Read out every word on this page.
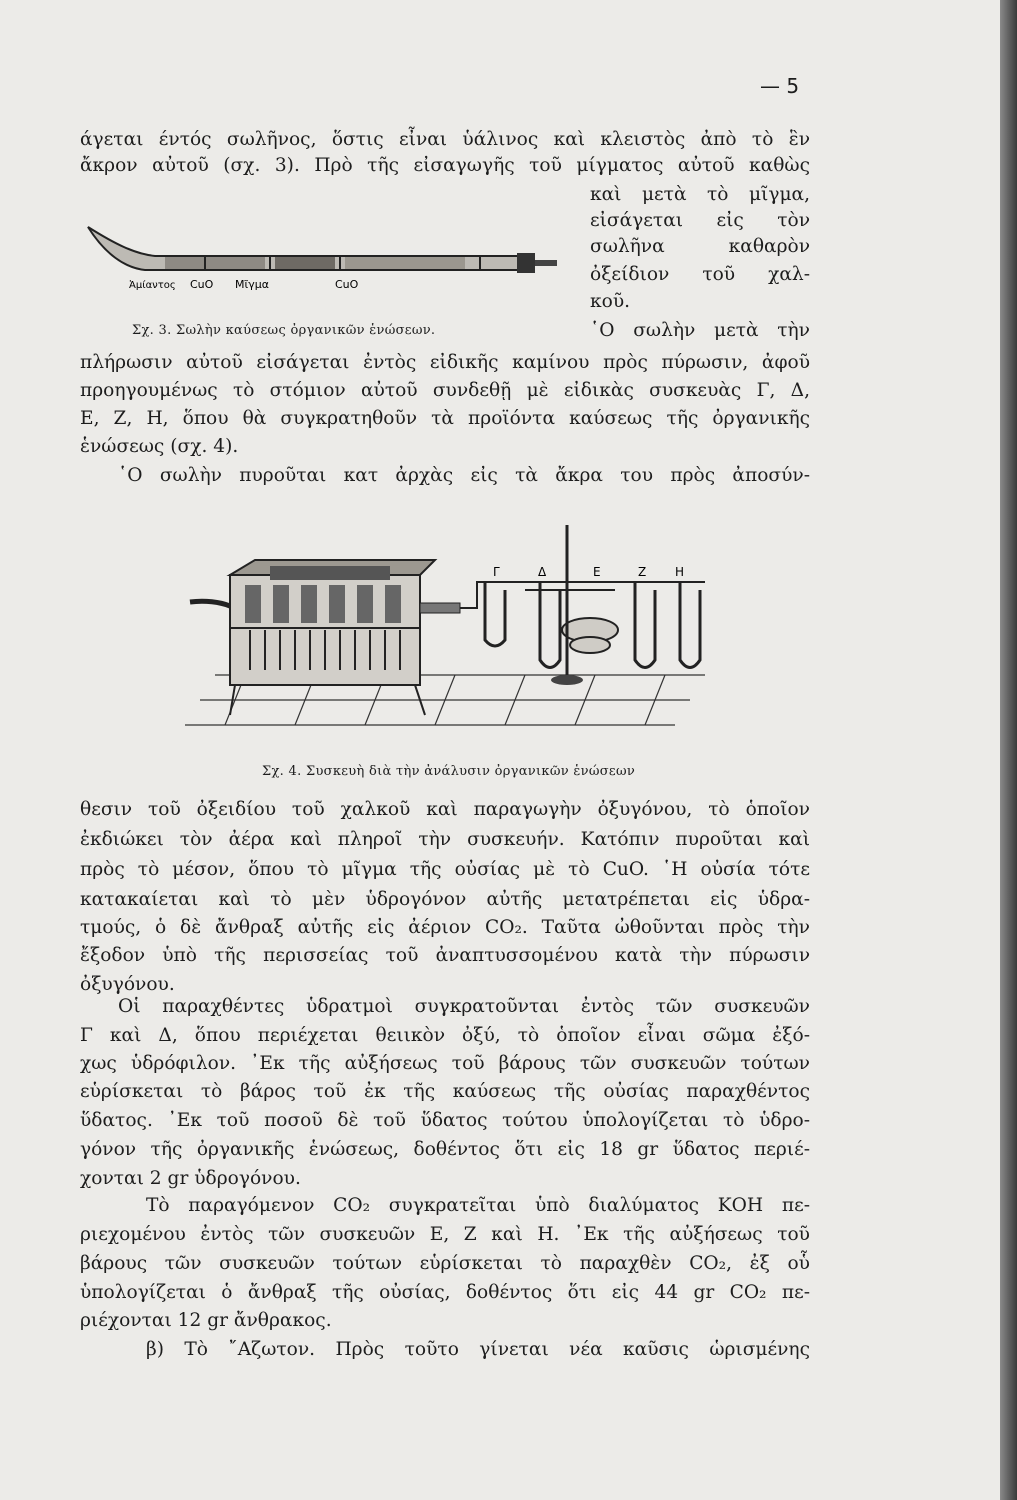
— 5
άγεται έντός σωλῆνος, ὅστις εἶναι ὑάλινος καὶ κλειστὸς ἀπὸ τὸ ἓν
ἄκρον αὐτοῦ (σχ. 3). Πρὸ τῆς εἰσαγωγῆς τοῦ μίγματος αὐτοῦ καθὼς
καὶ μετὰ τὸ μῖγμα,
εἰσάγεται εἰς τὸν
σωλῆνα καθαρὸν
ὀξείδιον τοῦ χαλ-
κοῦ.
῾Ο σωλὴν μετὰ τὴν
Ἀμίαντος CuO Μῖγμα	CuO
Σχ. 3. Σωλὴν καύσεως ὀργανικῶν ἑνώσεων.
πλήρωσιν αὐτοῦ εἰσάγεται ἐντὸς εἰδικῆς καμίνου πρὸς πύρωσιν, ἀφοῦ
προηγουμένως τὸ στόμιον αὐτοῦ συνδεθῇ μὲ εἰδικὰς συσκευὰς Γ, Δ,
Ε, Ζ, Η, ὅπου θὰ συγκρατηθοῦν τὰ προϊόντα καύσεως τῆς ὀργανικῆς
ἑνώσεως (σχ. 4).
῾Ο σωλὴν πυροῦται κατ ἀρχὰς εἰς τὰ ἄκρα του πρὸς ἀποσύν-
Γ	Δ	Ε	Ζ Η
Σχ. 4. Συσκευὴ διὰ τὴν ἀνάλυσιν ὀργανικῶν ἑνώσεων
θεσιν τοῦ ὀξειδίου τοῦ χαλκοῦ καὶ παραγωγὴν ὀξυγόνου, τὸ ὁποῖον
ἐκδιώκει τὸν ἀέρα καὶ πληροῖ τὴν συσκευήν. Κατόπιν πυροῦται καὶ
πρὸς τὸ μέσον, ὅπου τὸ μῖγμα τῆς οὐσίας μὲ τὸ CuO. ῾Η οὐσία τότε
κατακαίεται καὶ τὸ μὲν ὑδρογόνον αὐτῆς μετατρέπεται εἰς ὑδρα-
τμούς, ὁ δὲ ἄνθραξ αὐτῆς εἰς ἀέριον CO₂. Ταῦτα ὠθοῦνται πρὸς τὴν
ἔξοδον ὑπὸ τῆς περισσείας τοῦ ἀναπτυσσομένου κατὰ τὴν πύρωσιν
ὀξυγόνου.
Οἱ παραχθέντες ὑδρατμοὶ συγκρατοῦνται ἐντὸς τῶν συσκευῶν
Γ καὶ Δ, ὅπου περιέχεται θειικὸν ὀξύ, τὸ ὁποῖον εἶναι σῶμα ἐξό-
χως ὑδρόφιλον. ᾿Εκ τῆς αὐξήσεως τοῦ βάρους τῶν συσκευῶν τούτων
εὑρίσκεται τὸ βάρος τοῦ ἐκ τῆς καύσεως τῆς οὐσίας παραχθέντος
ὕδατος. ᾿Εκ τοῦ ποσοῦ δὲ τοῦ ὕδατος τούτου ὑπολογίζεται τὸ ὑδρο-
γόνον τῆς ὀργανικῆς ἑνώσεως, δοθέντος ὅτι εἰς 18 gr ὕδατος περιέ-
χονται 2 gr ὑδρογόνου.
Τὸ παραγόμενον CO₂ συγκρατεῖται ὑπὸ διαλύματος ΚΟΗ πε-
ριεχομένου ἐντὸς τῶν συσκευῶν Ε, Ζ καὶ Η. ᾿Εκ τῆς αὐξήσεως τοῦ
βάρους τῶν συσκευῶν τούτων εὑρίσκεται τὸ παραχθὲν CO₂, ἐξ οὗ
ὑπολογίζεται ὁ ἄνθραξ τῆς οὐσίας, δοθέντος ὅτι εἰς 44 gr CO₂ πε-
ριέχονται 12 gr ἄνθρακος.
β) Τὸ ῎Αζωτον. Πρὸς τοῦτο γίνεται νέα καῦσις ὡρισμένης
